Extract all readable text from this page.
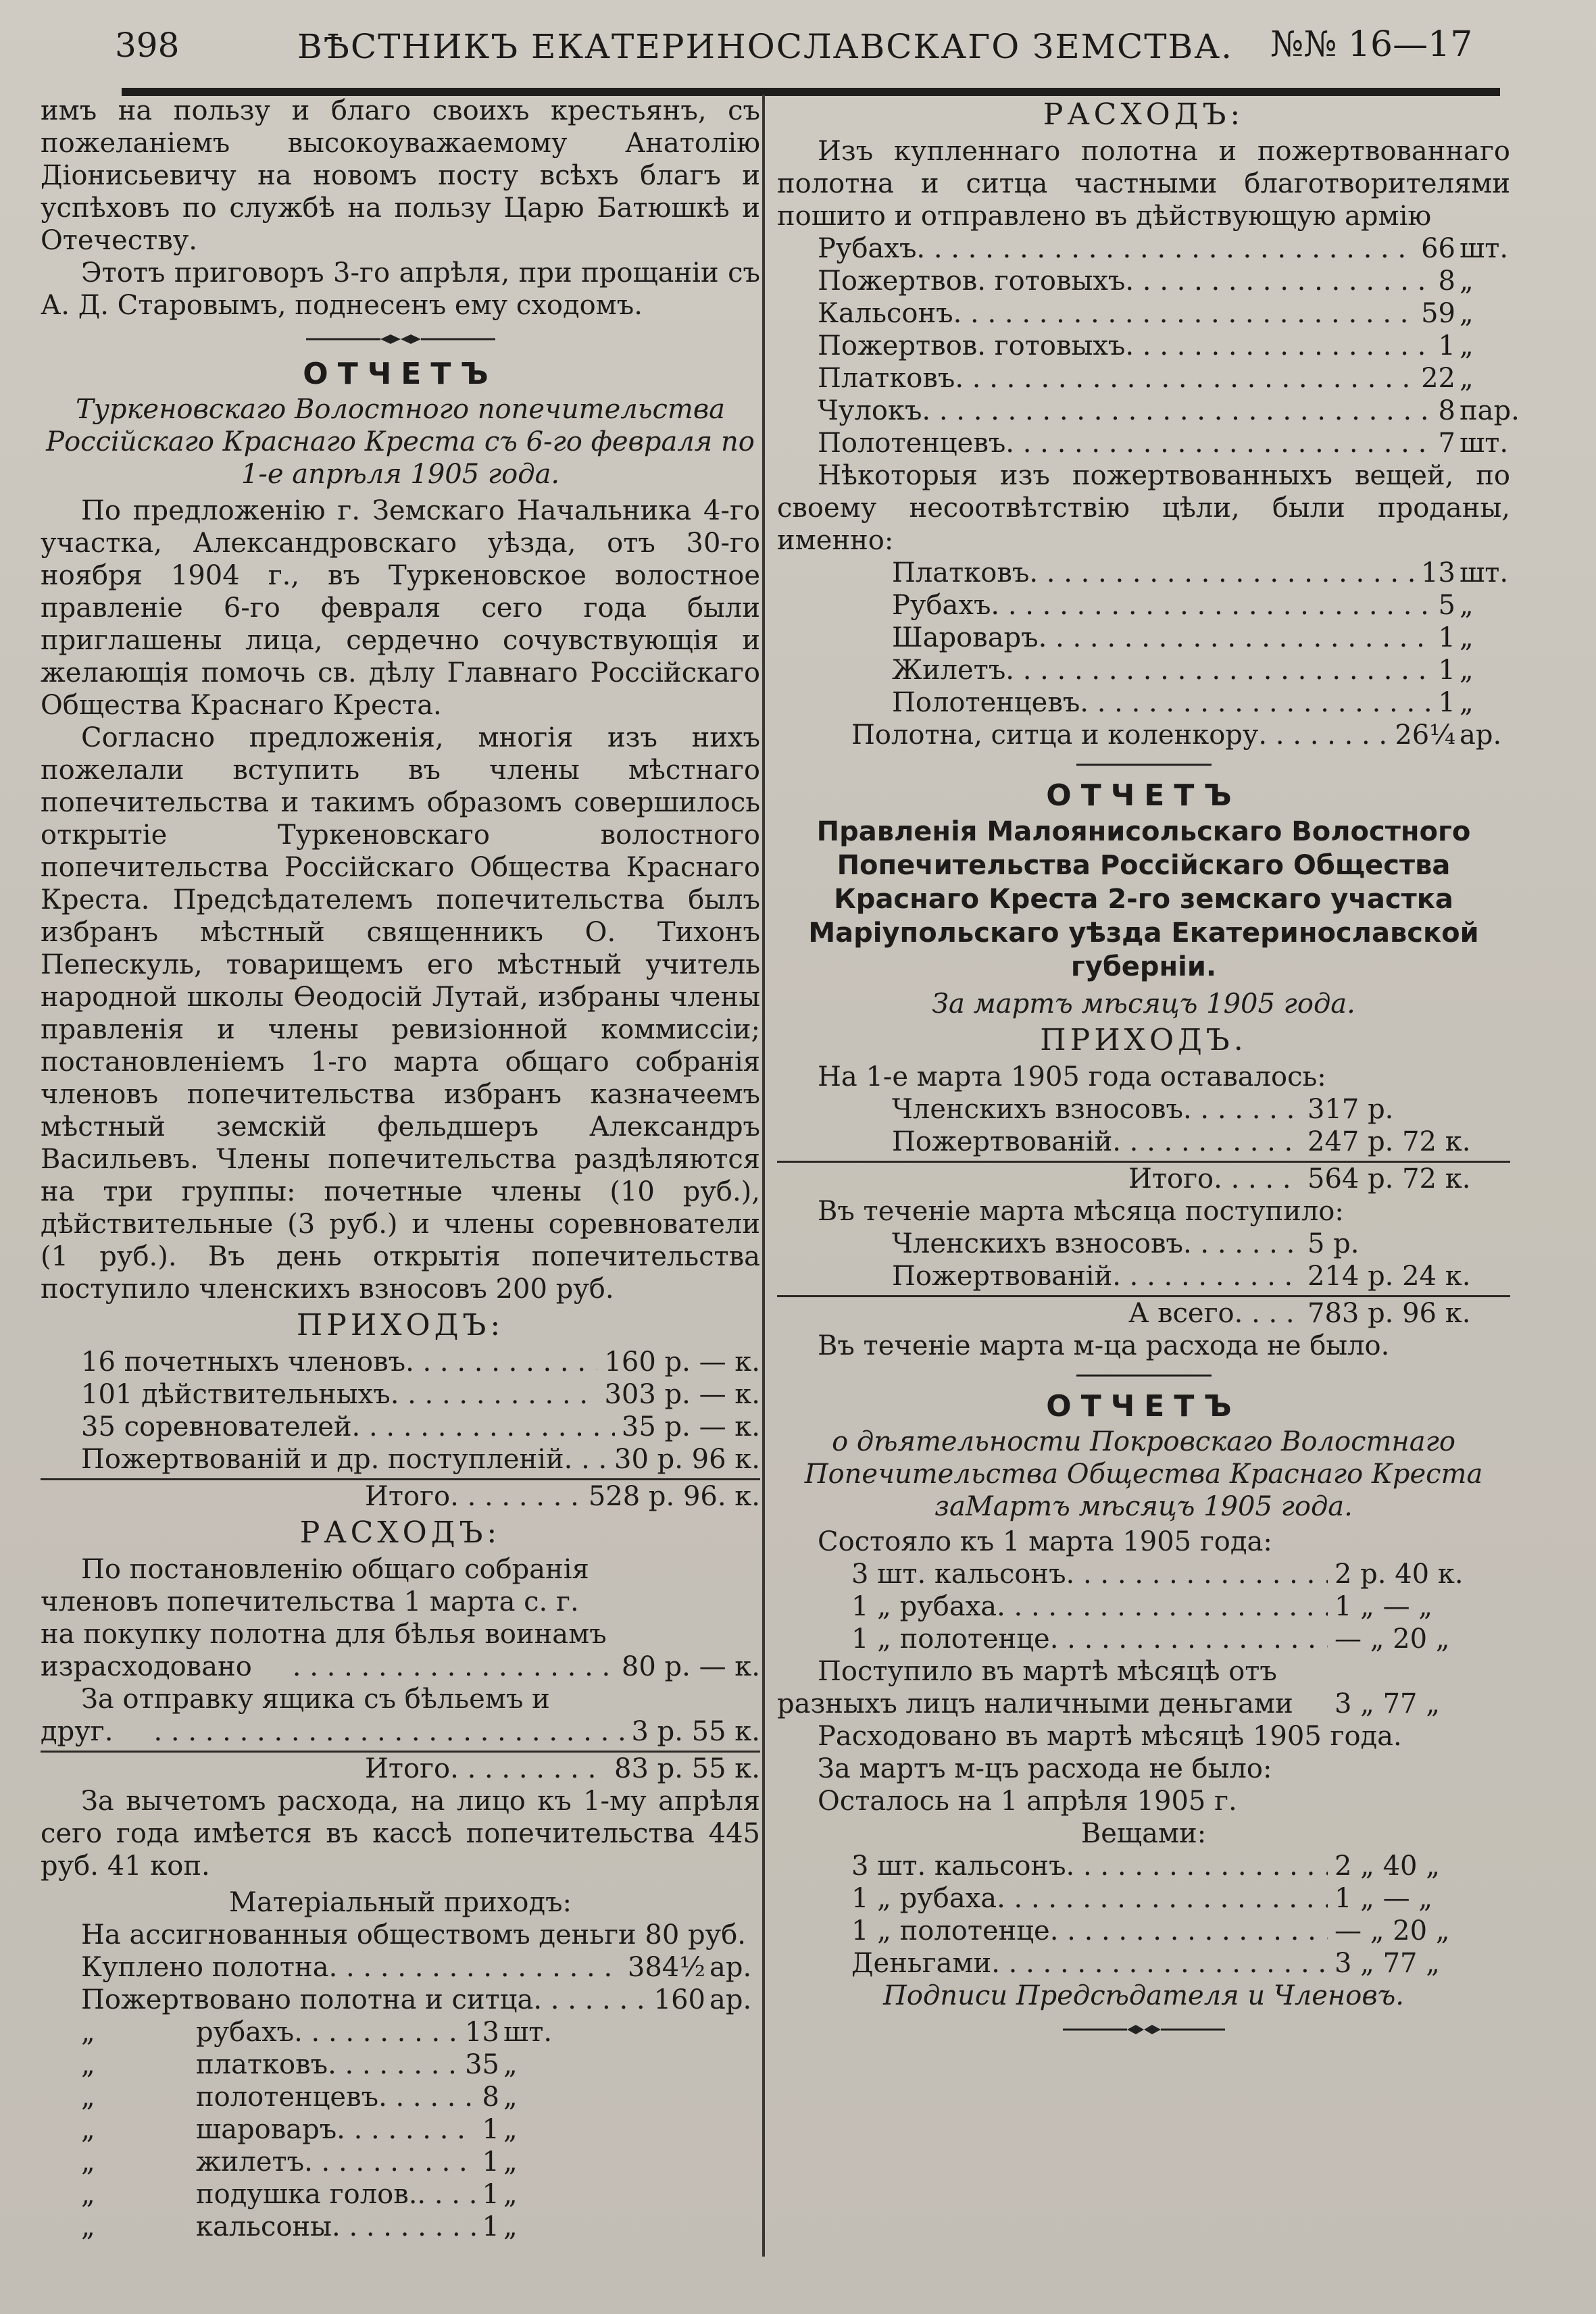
398	ВѢСТНИКЪ ЕКАТЕРИНОСЛАВСКАГО ЗЕМСТВА. №№ 16—17

имъ на пользу и благо своихъ крестьянъ, съ пожеланіемъ высокоуважаемому Анатолію Діонисьевичу на новомъ посту всѣхъ благъ и успѣховъ по службѣ на пользу Царю Батюшкѣ и Отечеству.

Этотъ приговоръ 3-го апрѣля, при прощаніи съ А. Д. Старовымъ, поднесенъ ему сходомъ.

ОТЧЕТЪ

Туркеновскаго Волостного попечительства Россійскаго Краснаго Креста съ 6-го февраля по 1-е апрѣля 1905 года.

По предложенію г. Земскаго Начальника 4-го участка, Александровскаго уѣзда, отъ 30-го ноября 1904 г., въ Туркеновское волостное правленіе 6-го февраля сего года были приглашены лица, сердечно сочувствующія и желающія помочь св. дѣлу Главнаго Россійскаго Общества Краснаго Креста.

Согласно предложенія, многія изъ нихъ пожелали вступить въ члены мѣстнаго попечительства и такимъ образомъ совершилось открытіе Туркеновскаго волостного попечительства Россійскаго Общества Краснаго Креста. Предсѣдателемъ попечительства былъ избранъ мѣстный священникъ О. Тихонъ Пепескуль, товарищемъ его мѣстный учитель народной школы Ѳеодосій Лутай, избраны члены правленія и члены ревизіонной коммиссіи; постановленіемъ 1-го марта общаго собранія членовъ попечительства избранъ казначеемъ мѣстный земскій фельдшеръ Александръ Васильевъ. Члены попечительства раздѣляются на три группы: почетные члены (10 руб.), дѣйствительные (3 руб.) и члены соревнователи (1 руб.). Въ день открытія попечительства поступило членскихъ взносовъ 200 руб.

ПРИХОДЪ:
16 почетныхъ членовъ . . .	160 р. — к.
101 дѣйствительныхъ . . .	303 р. — к.
35 соревнователей . . .	35 р. — к.
Пожертвованій и др. поступленій . . .	30 р. 96 к.
Итого . . .	528 р. 96. к.
РАСХОДЪ:
По постановленію общаго собранія членовъ попечительства 1 марта с. г. на покупку полотна для бѣлья воинамъ израсходовано . . .	80 р. — к.
За отправку ящика съ бѣльемъ и друг. . . .	3 р. 55 к.
Итого . . .	83 р. 55 к.

За вычетомъ расхода, на лицо къ 1-му апрѣля сего года имѣется въ кассѣ попечительства 445 руб. 41 коп.

Матеріальный приходъ:

На ассигнованныя обществомъ деньги 80 руб.

Куплено полотна . . .	384½ ар.
Пожертвовано полотна и ситца . . .	160 ар.
„	рубахъ . . .	13 шт.
„	платковъ . . .	35 „
„	полотенцевъ . . .	8 „
„	шароваръ . . .	1 „
„	жилетъ . . .	1 „
„	подушка голов. . . .	1 „
„	кальсоны . . .	1 „
РАСХОДЪ:

Изъ купленнаго полотна и пожертвованнаго полотна и ситца частными благотворителями пошито и отправлено въ дѣйствующую армію

Рубахъ . . .	66 шт.
Пожертвов. готовыхъ . . .	8 „
Кальсонъ . . .	59 „
Пожертвов. готовыхъ . . .	1 „
Платковъ . . .	22 „
Чулокъ . . .	8 пар.
Полотенцевъ . . .	7 шт.

Нѣкоторыя изъ пожертвованныхъ вещей, по своему несоотвѣтствію цѣли, были проданы, именно:

Платковъ . . .	13 шт.
Рубахъ . . .	5 „
Шароваръ . . .	1 „
Жилетъ . . .	1 „
Полотенцевъ . . .	1 „
Полотна, ситца и коленкору . . .	26¼ ар.
ОТЧЕТЪ
Правленія Малоянисольскаго Волостного Попечительства Россійскаго Общества Краснаго Креста 2-го земскаго участка Маріупольскаго уѣзда Екатеринославской губерніи.

За мартъ мѣсяцъ 1905 года.

ПРИХОДЪ.

На 1-е марта 1905 года оставалось:

Членскихъ взносовъ . . .	317 р.
Пожертвованій . . .	247 р. 72 к.
Итого . . .	564 р. 72 к.

Въ теченіе марта мѣсяца поступило:

Членскихъ взносовъ . . .	5 р.
Пожертвованій . . .	214 р. 24 к.
А всего . . .	783 р. 96 к.

Въ теченіе марта м-ца расхода не было.

ОТЧЕТЪ

о дѣятельности Покровскаго Волостнаго Попечительства Общества Краснаго Креста заМартъ мѣсяцъ 1905 года.

Состояло къ 1 марта 1905 года:

3 шт. кальсонъ . . .	2 р. 40 к.
1 „ рубаха . . .	1 „ — „
1 „ полотенце . . .	— „ 20 „
Поступило въ мартѣ мѣсяцѣ отъ разныхъ лицъ наличными деньгами . . .	3 „ 77 „

Расходовано въ мартѣ мѣсяцѣ 1905 года.

За мартъ м-цъ расхода не было:

Осталось на 1 апрѣля 1905 г.

Вещами:

3 шт. кальсонъ . . .	2 „ 40 „
1 „ рубаха . . .	1 „ — „
1 „ полотенце . . .	— „ 20 „
Деньгами . . .	3 „ 77 „

Подписи Предсѣдателя и Членовъ.
